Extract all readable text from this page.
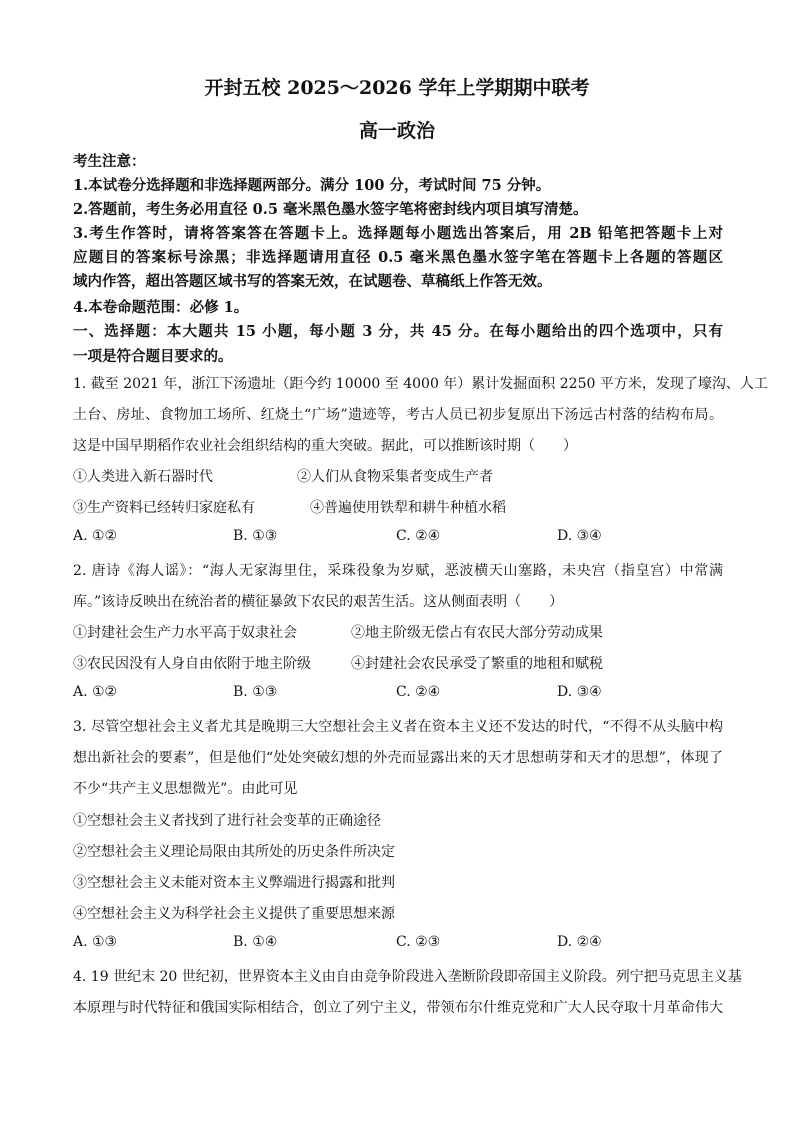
开封五校 2025～2026 学年上学期期中联考
高一政治
考生注意：
1.本试卷分选择题和非选择题两部分。满分 100 分，考试时间 75 分钟。
2.答题前，考生务必用直径 0.5 毫米黑色墨水签字笔将密封线内项目填写清楚。
3.考生作答时，请将答案答在答题卡上。选择题每小题选出答案后，用 2B 铅笔把答题卡上对
应题目的答案标号涂黑；非选择题请用直径 0.5 毫米黑色墨水签字笔在答题卡上各题的答题区
域内作答，超出答题区域书写的答案无效，在试题卷、草稿纸上作答无效。
4.本卷命题范围：必修 1。
一、选择题：本大题共 15 小题，每小题 3 分，共 45 分。在每小题给出的四个选项中，只有
一项是符合题目要求的。
1. 截至 2021 年，浙江下汤遗址（距今约 10000 至 4000 年）累计发掘面积 2250 平方米，发现了壕沟、人工
土台、房址、食物加工场所、红烧土“广场”遗迹等，考古人员已初步复原出下汤远古村落的结构布局。
这是中国早期稻作农业社会组织结构的重大突破。据此，可以推断该时期（　　）
①人类进入新石器时代	②人们从食物采集者变成生产者
③生产资料已经转归家庭私有	④普遍使用铁犁和耕牛种植水稻
A. ①②	B. ①③	C. ②④	D. ③④
2. 唐诗《海人谣》：“海人无家海里住，采珠役象为岁赋，恶波横天山塞路，未央宫（指皇宫）中常满
库。”该诗反映出在统治者的横征暴敛下农民的艰苦生活。这从侧面表明（　　）
①封建社会生产力水平高于奴隶社会	②地主阶级无偿占有农民大部分劳动成果
③农民因没有人身自由依附于地主阶级	④封建社会农民承受了繁重的地租和赋税
A. ①②	B. ①③	C. ②④	D. ③④
3. 尽管空想社会主义者尤其是晚期三大空想社会主义者在资本主义还不发达的时代，“不得不从头脑中构
想出新社会的要素”，但是他们“处处突破幻想的外壳而显露出来的天才思想萌芽和天才的思想”，体现了
不少“共产主义思想微光”。由此可见
①空想社会主义者找到了进行社会变革的正确途径
②空想社会主义理论局限由其所处的历史条件所决定
③空想社会主义未能对资本主义弊端进行揭露和批判
④空想社会主义为科学社会主义提供了重要思想来源
A. ①③	B. ①④	C. ②③	D. ②④
4. 19 世纪末 20 世纪初，世界资本主义由自由竞争阶段进入垄断阶段即帝国主义阶段。列宁把马克思主义基
本原理与时代特征和俄国实际相结合，创立了列宁主义，带领布尔什维克党和广大人民夺取十月革命伟大
